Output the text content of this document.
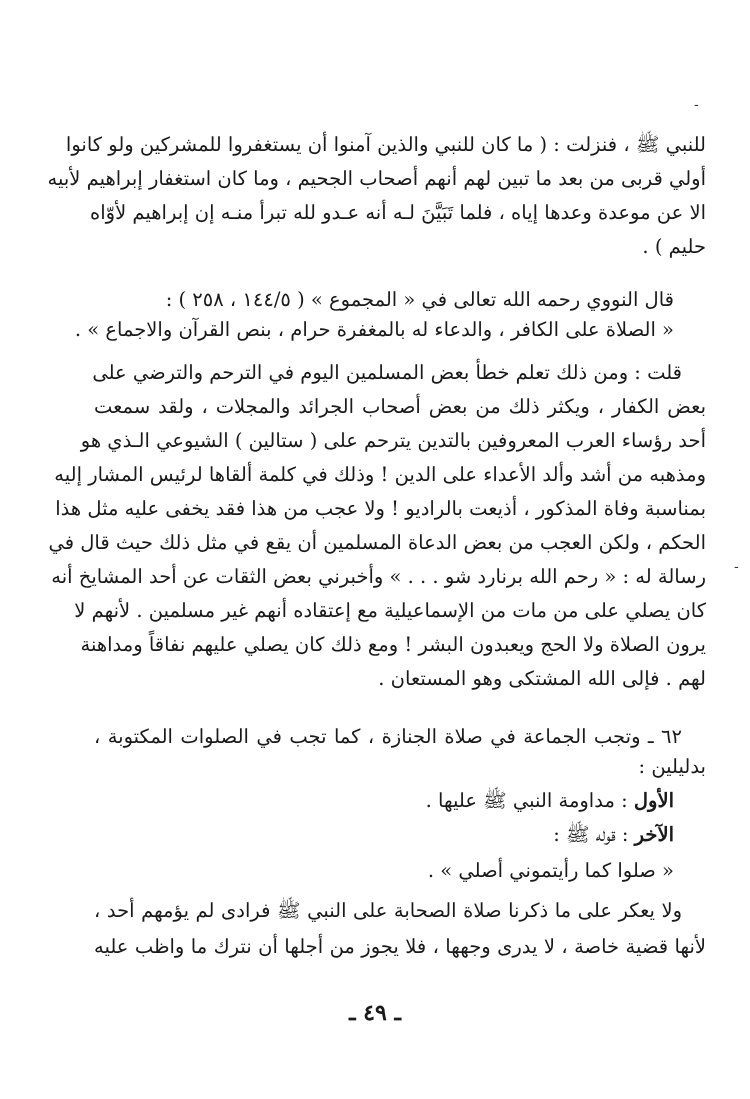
-
-
للنبي ﷺ ، فنزلت : ( ما كان للنبي والذين آمنوا أن يستغفروا للمشركين ولو كانوا
أولي قربى من بعد ما تبين لهم أنهم أصحاب الجحيم ، وما كان استغفار إبراهيم لأبيه
الا عن موعدة وعدها إياه ، فلما تَبَيَّنَ لـه أنه عـدو لله تبرأ منـه إن إبراهيم لأوّاه
حليم ) .
قال النووي رحمه الله تعالى في « المجموع » ( ١٤٤/٥ ، ٢٥٨ ) :
« الصلاة على الكافر ، والدعاء له بالمغفرة حرام ، بنص القرآن والاجماع » .
قلت : ومن ذلك تعلم خطأ بعض المسلمين اليوم في الترحم والترضي على
بعض الكفار ، ويكثر ذلك من بعض أصحاب الجرائد والمجلات ، ولقد سمعت
أحد رؤساء العرب المعروفين بالتدين يترحم على ( ستالين ) الشيوعي الـذي هو
ومذهبه من أشد وألد الأعداء على الدين ! وذلك في كلمة ألقاها لرئيس المشار إليه
بمناسبة وفاة المذكور ، أذيعت بالراديو ! ولا عجب من هذا فقد يخفى عليه مثل هذا
الحكم ، ولكن العجب من بعض الدعاة المسلمين أن يقع في مثل ذلك حيث قال في
رسالة له : « رحم الله برنارد شو . . . » وأخبرني بعض الثقات عن أحد المشايخ أنه
كان يصلي على من مات من الإسماعيلية مع إعتقاده أنهم غير مسلمين . لأنهم لا
يرون الصلاة ولا الحج ويعبدون البشر ! ومع ذلك كان يصلي عليهم نفاقاً ومداهنة
لهم . فإلى الله المشتكى وهو المستعان .
٦٢ ـ وتجب الجماعة في صلاة الجنازة ، كما تجب في الصلوات المكتوبة ،
بدليلين :
الأول : مداومة النبي ﷺ عليها .
الآخر : قوله ﷺ :
« صلوا كما رأيتموني أصلي » .
ولا يعكر على ما ذكرنا صلاة الصحابة على النبي ﷺ فرادى لم يؤمهم أحد ،
لأنها قضية خاصة ، لا يدرى وجهها ، فلا يجوز من أجلها أن نترك ما واظب عليه
ـ ٤٩ ـ
